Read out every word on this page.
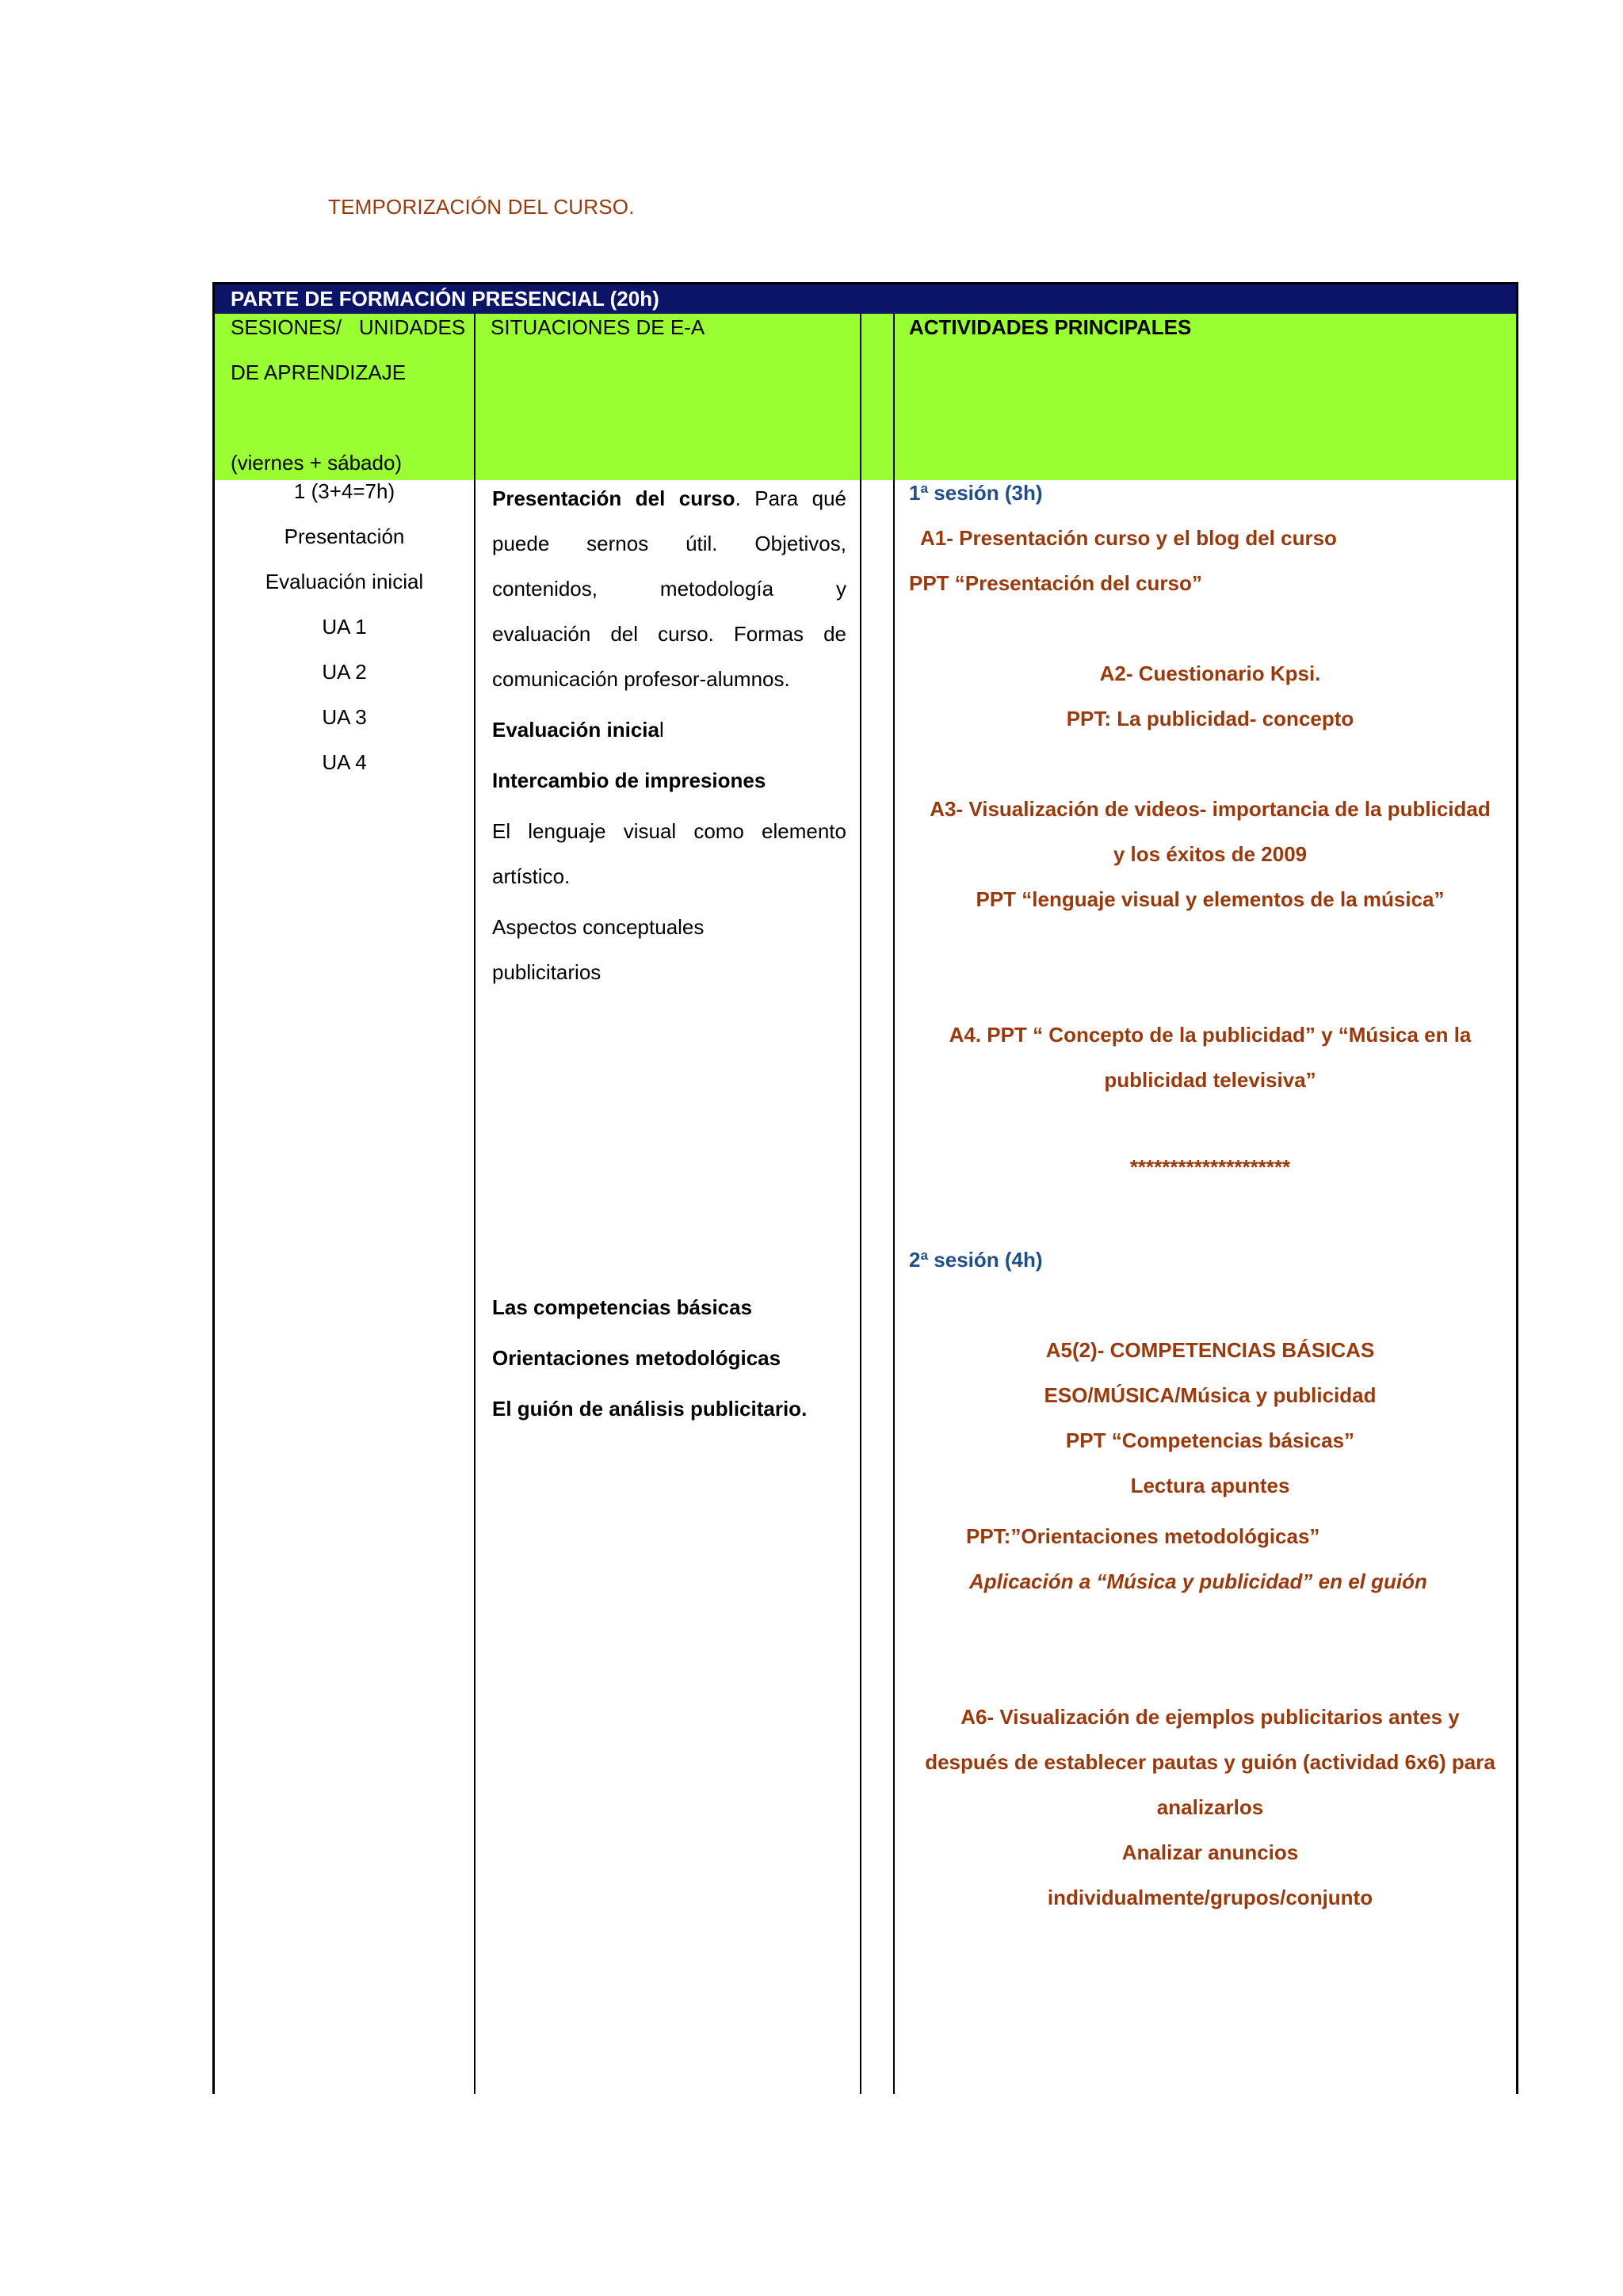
TEMPORIZACIÓN DEL CURSO.
PARTE DE FORMACIÓN PRESENCIAL (20h)
SESIONES/   UNIDADES
DE APRENDIZAJE
(viernes + sábado)
SITUACIONES DE E-A	ACTIVIDADES PRINCIPALES
1 (3+4=7h)
Presentación
Evaluación inicial
UA 1
UA 2
UA 3
UA 4
Presentación del curso. Para qué
puede sernos útil. Objetivos,
contenidos, metodología y
evaluación del curso. Formas de
comunicación profesor-alumnos.
Evaluación inicial
Intercambio de impresiones
El lenguaje visual como elemento
artístico.
Aspectos conceptuales
publicitarios
Las competencias básicas
Orientaciones metodológicas
El guión de análisis publicitario.
1ª sesión (3h)
A1- Presentación curso y el blog del curso
PPT “Presentación del curso”
A2- Cuestionario Kpsi.
PPT: La publicidad- concepto
A3- Visualización de videos- importancia de la publicidad
y los éxitos de 2009
PPT “lenguaje visual y elementos de la música”
A4. PPT “ Concepto de la publicidad” y “Música en la
publicidad televisiva”
********************
2ª sesión (4h)
A5(2)- COMPETENCIAS BÁSICAS
ESO/MÚSICA/Música y publicidad
PPT “Competencias básicas”
Lectura apuntes
PPT:”Orientaciones metodológicas”
Aplicación a “Música y publicidad” en el guión
A6- Visualización de ejemplos publicitarios antes y
después de establecer pautas y guión (actividad 6x6) para
analizarlos
Analizar anuncios
individualmente/grupos/conjunto
